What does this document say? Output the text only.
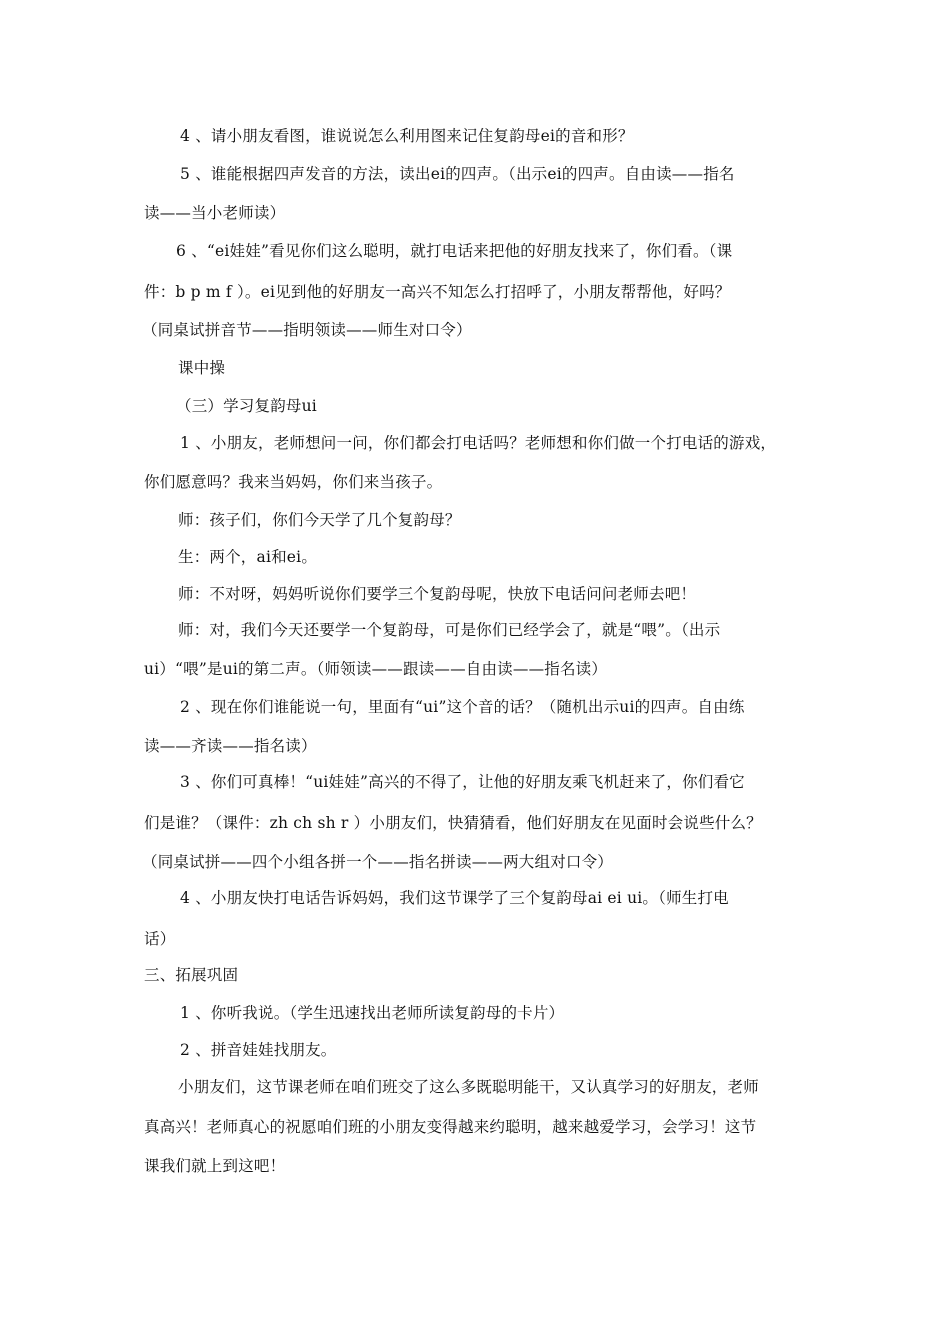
4 、请小朋友看图，谁说说怎么利用图来记住复韵母ei的音和形？
5 、谁能根据四声发音的方法，读出ei的四声。（出示ei的四声。自由读——指名
读——当小老师读）
6 、“ei娃娃”看见你们这么聪明，就打电话来把他的好朋友找来了，你们看。（课
件：b p m f ）。ei见到他的好朋友一高兴不知怎么打招呼了，小朋友帮帮他，好吗？
（同桌试拼音节——指明领读——师生对口令）
课中操
（三）学习复韵母ui
1 、小朋友，老师想问一问，你们都会打电话吗？老师想和你们做一个打电话的游戏，
你们愿意吗？我来当妈妈，你们来当孩子。
师：孩子们，你们今天学了几个复韵母？
生：两个，ai和ei。
师：不对呀，妈妈听说你们要学三个复韵母呢，快放下电话问问老师去吧！
师：对，我们今天还要学一个复韵母，可是你们已经学会了，就是“喂”。（出示
ui）“喂”是ui的第二声。（师领读——跟读——自由读——指名读）
2 、现在你们谁能说一句，里面有“ui”这个音的话？（随机出示ui的四声。自由练
读——齐读——指名读）
3 、你们可真棒！“ui娃娃”高兴的不得了，让他的好朋友乘飞机赶来了，你们看它
们是谁？（课件：zh ch sh r ）小朋友们，快猜猜看，他们好朋友在见面时会说些什么？
（同桌试拼——四个小组各拼一个——指名拼读——两大组对口令）
4 、小朋友快打电话告诉妈妈，我们这节课学了三个复韵母ai ei ui。（师生打电
话）
三、拓展巩固
1 、你听我说。（学生迅速找出老师所读复韵母的卡片）
2 、拼音娃娃找朋友。
小朋友们，这节课老师在咱们班交了这么多既聪明能干，又认真学习的好朋友，老师
真高兴！老师真心的祝愿咱们班的小朋友变得越来约聪明，越来越爱学习，会学习！这节
课我们就上到这吧！
